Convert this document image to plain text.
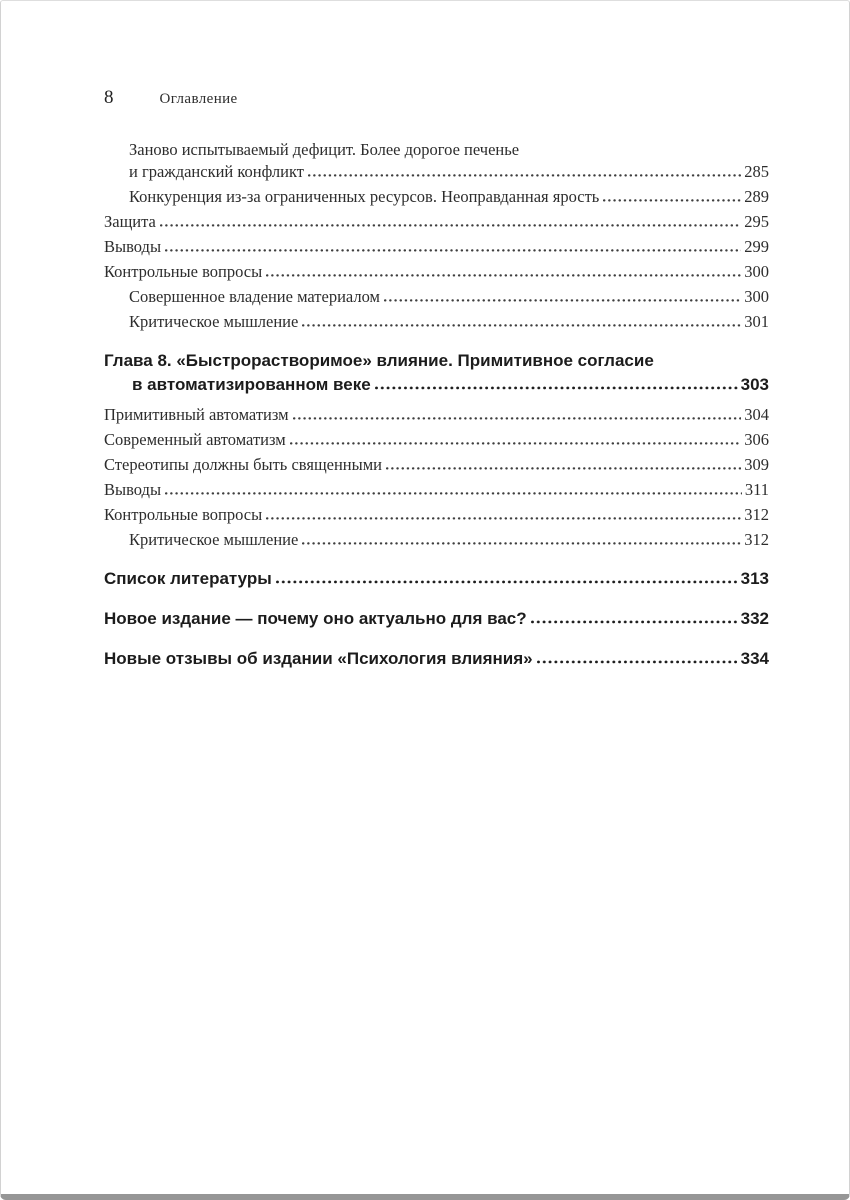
8	Оглавление
Заново испытываемый дефицит. Более дорогое печенье
и гражданский конфликт	285
Конкуренция из-за ограниченных ресурсов. Неоправданная ярость	289
Защита	295
Выводы	299
Контрольные вопросы	300
Совершенное владение материалом	300
Критическое мышление	301
Глава 8. «Быстрорастворимое» влияние. Примитивное согласие
в автоматизированном веке	303
Примитивный автоматизм	304
Современный автоматизм	306
Стереотипы должны быть священными	309
Выводы	311
Контрольные вопросы	312
Критическое мышление	312
Список литературы	313
Новое издание — почему оно актуально для вас?	332
Новые отзывы об издании «Психология влияния»	334
